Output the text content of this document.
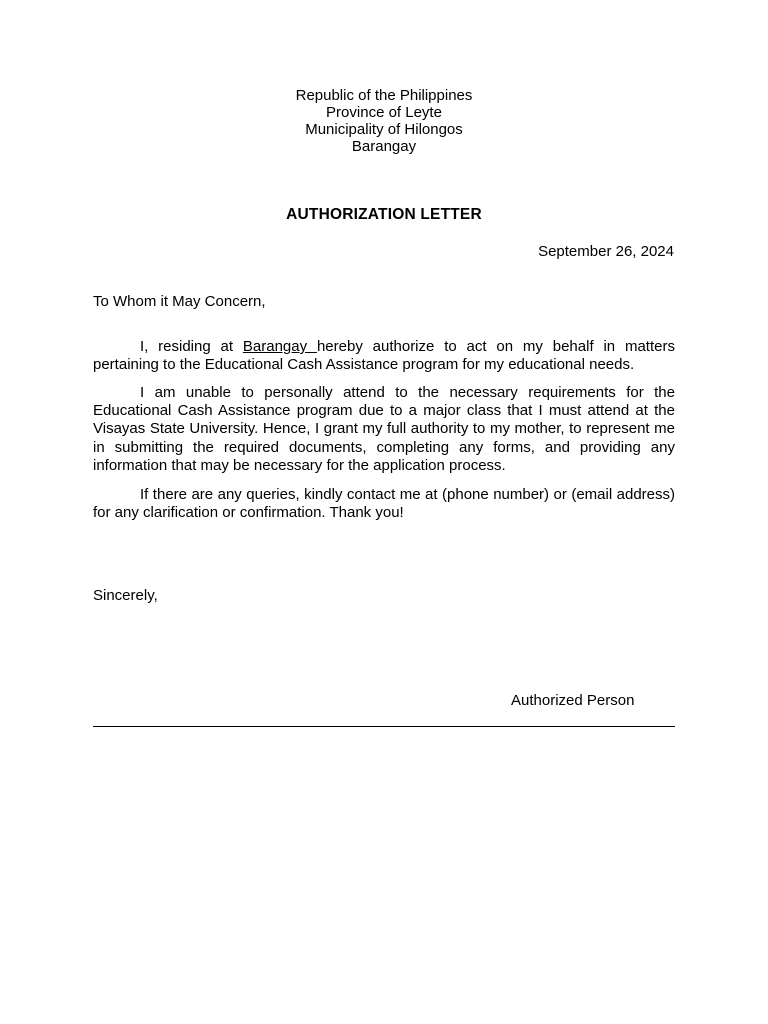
Republic of the Philippines
Province of Leyte
Municipality of Hilongos
Barangay
AUTHORIZATION LETTER
September 26, 2024
To Whom it May Concern,

I, residing at Barangay hereby authorize to act on my behalf in matters pertaining to the Educational Cash Assistance program for my educational needs.

I am unable to personally attend to the necessary requirements for the Educational Cash Assistance program due to a major class that I must attend at the Visayas State University. Hence, I grant my full authority to my mother, to represent me in submitting the required documents, completing any forms, and providing any information that may be necessary for the application process.

If there are any queries, kindly contact me at (phone number) or (email address) for any clarification or confirmation. Thank you!

Sincerely,
Authorized Person
